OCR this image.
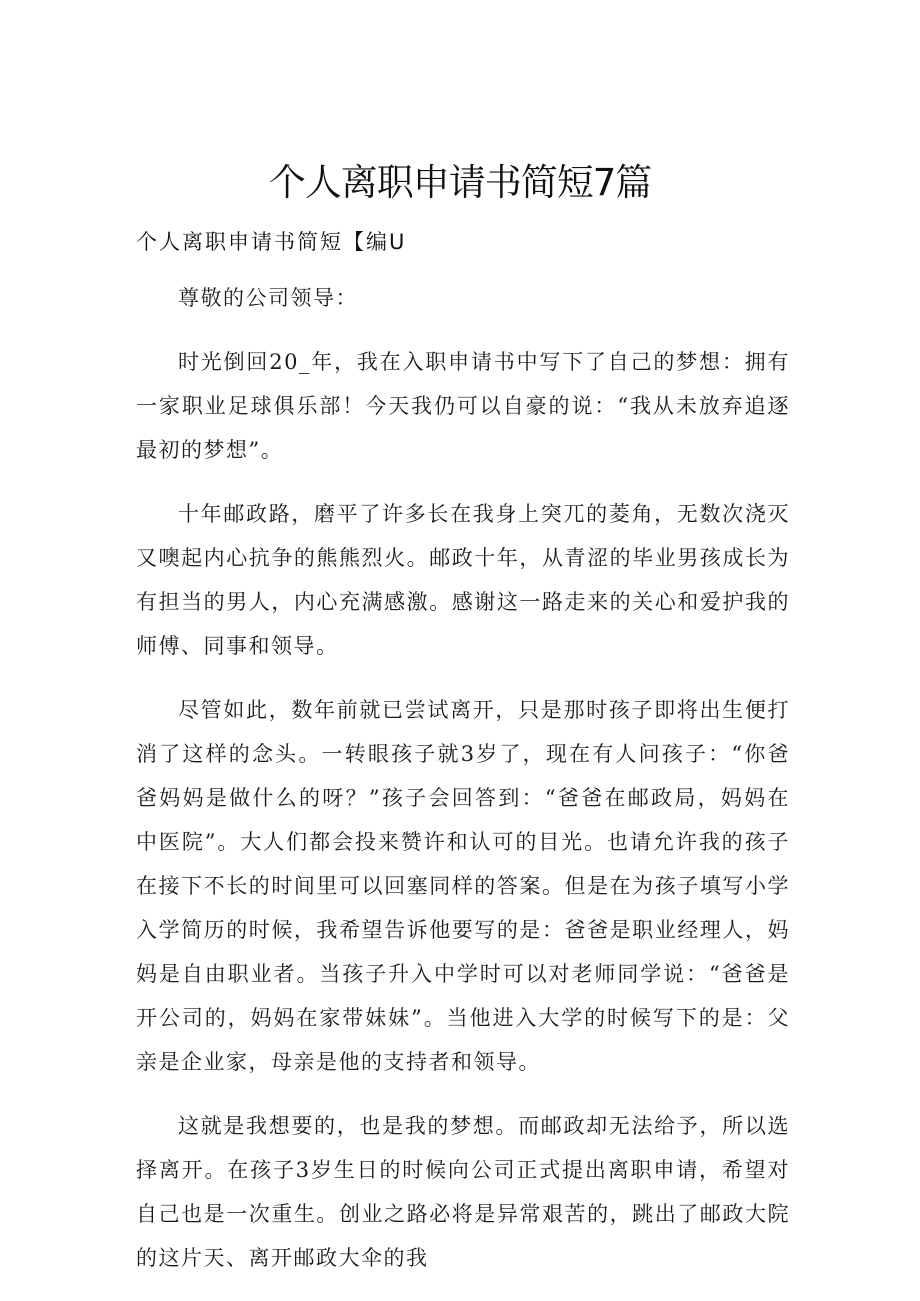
个人离职申请书简短7篇

个人离职申请书简短【编U

尊敬的公司领导：

时光倒回20_年，我在入职申请书中写下了自己的梦想：拥有一家职业足球俱乐部！今天我仍可以自豪的说：“我从未放弃追逐最初的梦想”。

十年邮政路，磨平了许多长在我身上突兀的菱角，无数次浇灭又噢起内心抗争的熊熊烈火。邮政十年，从青涩的毕业男孩成长为有担当的男人，内心充满感激。感谢这一路走来的关心和爱护我的师傅、同事和领导。

尽管如此，数年前就已尝试离开，只是那时孩子即将出生便打消了这样的念头。一转眼孩子就3岁了，现在有人问孩子：“你爸爸妈妈是做什么的呀？”孩子会回答到：“爸爸在邮政局，妈妈在中医院”。大人们都会投来赞许和认可的目光。也请允许我的孩子在接下不长的时间里可以回塞同样的答案。但是在为孩子填写小学入学简历的时候，我希望告诉他要写的是：爸爸是职业经理人，妈妈是自由职业者。当孩子升入中学时可以对老师同学说：“爸爸是开公司的，妈妈在家带妹妹”。当他进入大学的时候写下的是：父亲是企业家，母亲是他的支持者和领导。

这就是我想要的，也是我的梦想。而邮政却无法给予，所以选择离开。在孩子3岁生日的时候向公司正式提出离职申请，希望对自己也是一次重生。创业之路必将是异常艰苦的，跳出了邮政大院的这片天、离开邮政大伞的我
